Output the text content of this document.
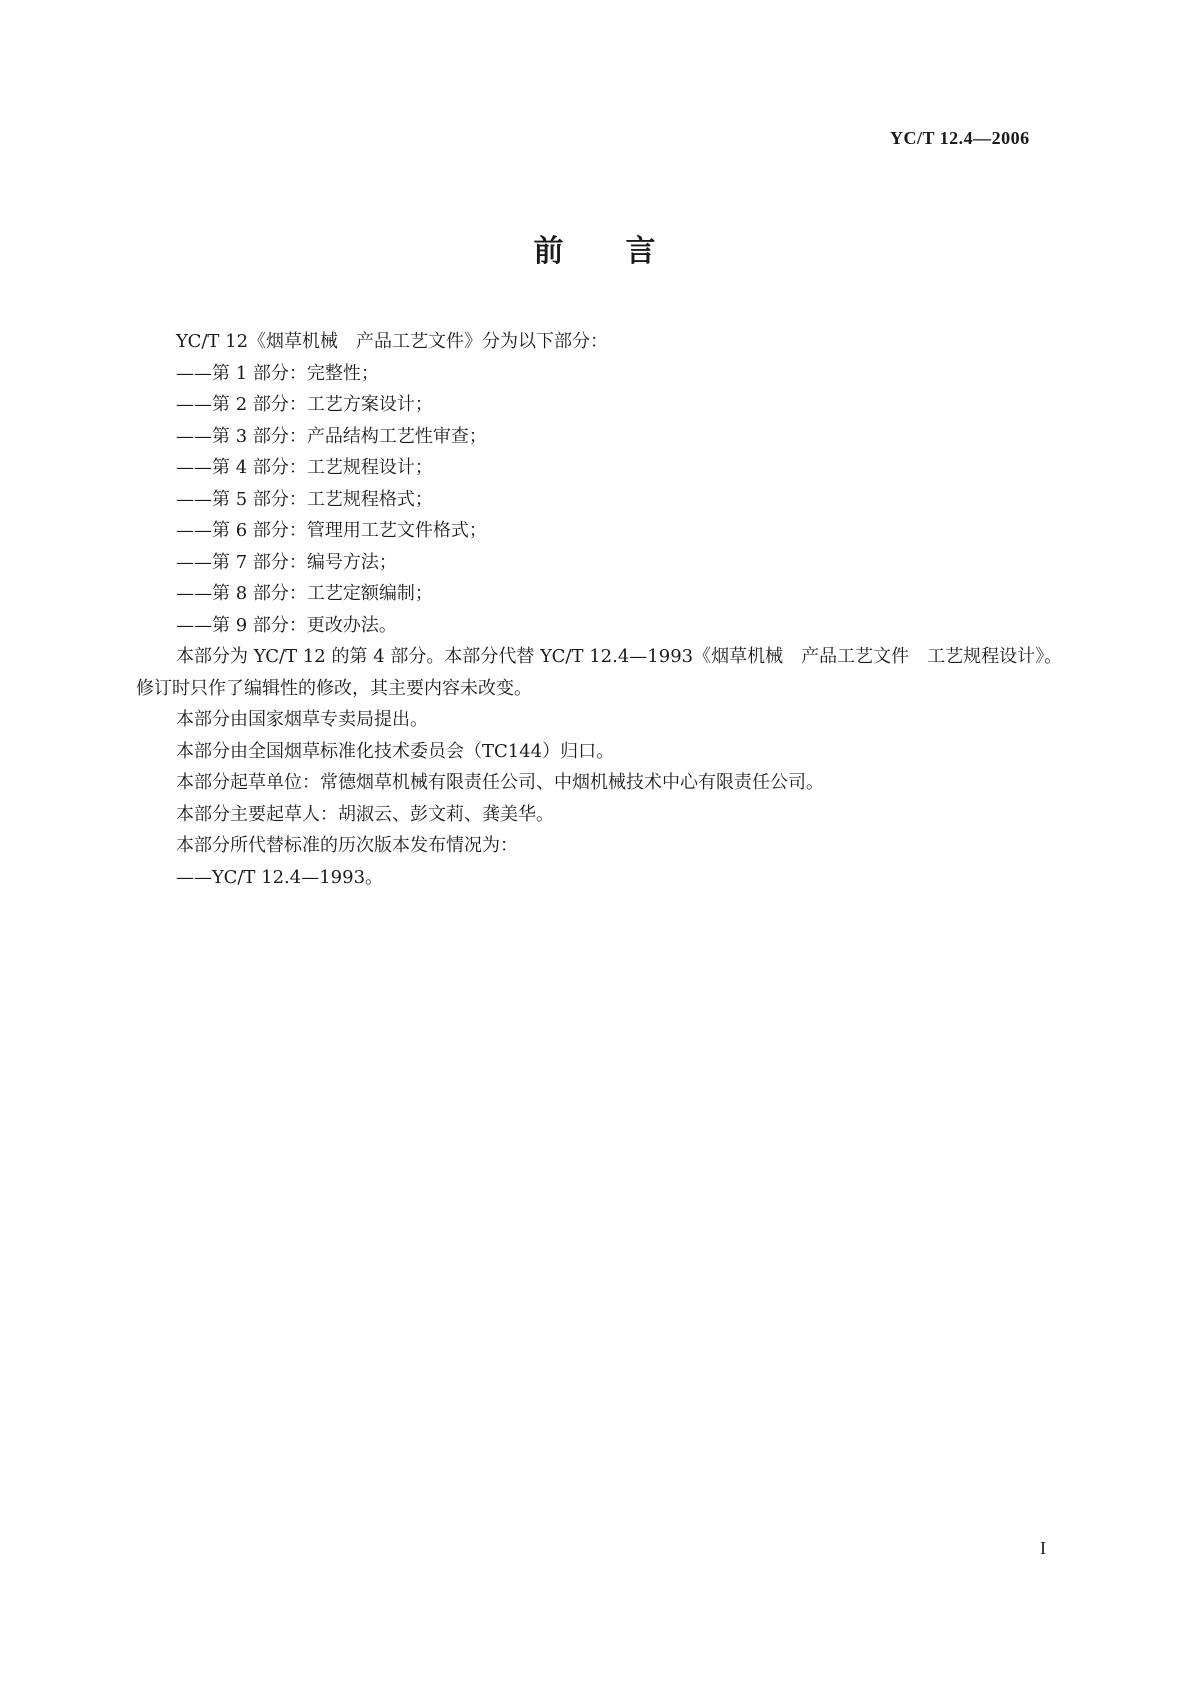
YC/T 12.4—2006
前 言

YC/T 12《烟草机械　产品工艺文件》分为以下部分：

——第 1 部分：完整性；

——第 2 部分：工艺方案设计；

——第 3 部分：产品结构工艺性审查；

——第 4 部分：工艺规程设计；

——第 5 部分：工艺规程格式；

——第 6 部分：管理用工艺文件格式；

——第 7 部分：编号方法；

——第 8 部分：工艺定额编制；

——第 9 部分：更改办法。

本部分为 YC/T 12 的第 4 部分。本部分代替 YC/T 12.4—1993《烟草机械　产品工艺文件　工艺规程设计》。修订时只作了编辑性的修改，其主要内容未改变。

本部分由国家烟草专卖局提出。

本部分由全国烟草标准化技术委员会（TC144）归口。

本部分起草单位：常德烟草机械有限责任公司、中烟机械技术中心有限责任公司。

本部分主要起草人：胡淑云、彭文莉、龚美华。

本部分所代替标准的历次版本发布情况为：

——YC/T 12.4—1993。

I
